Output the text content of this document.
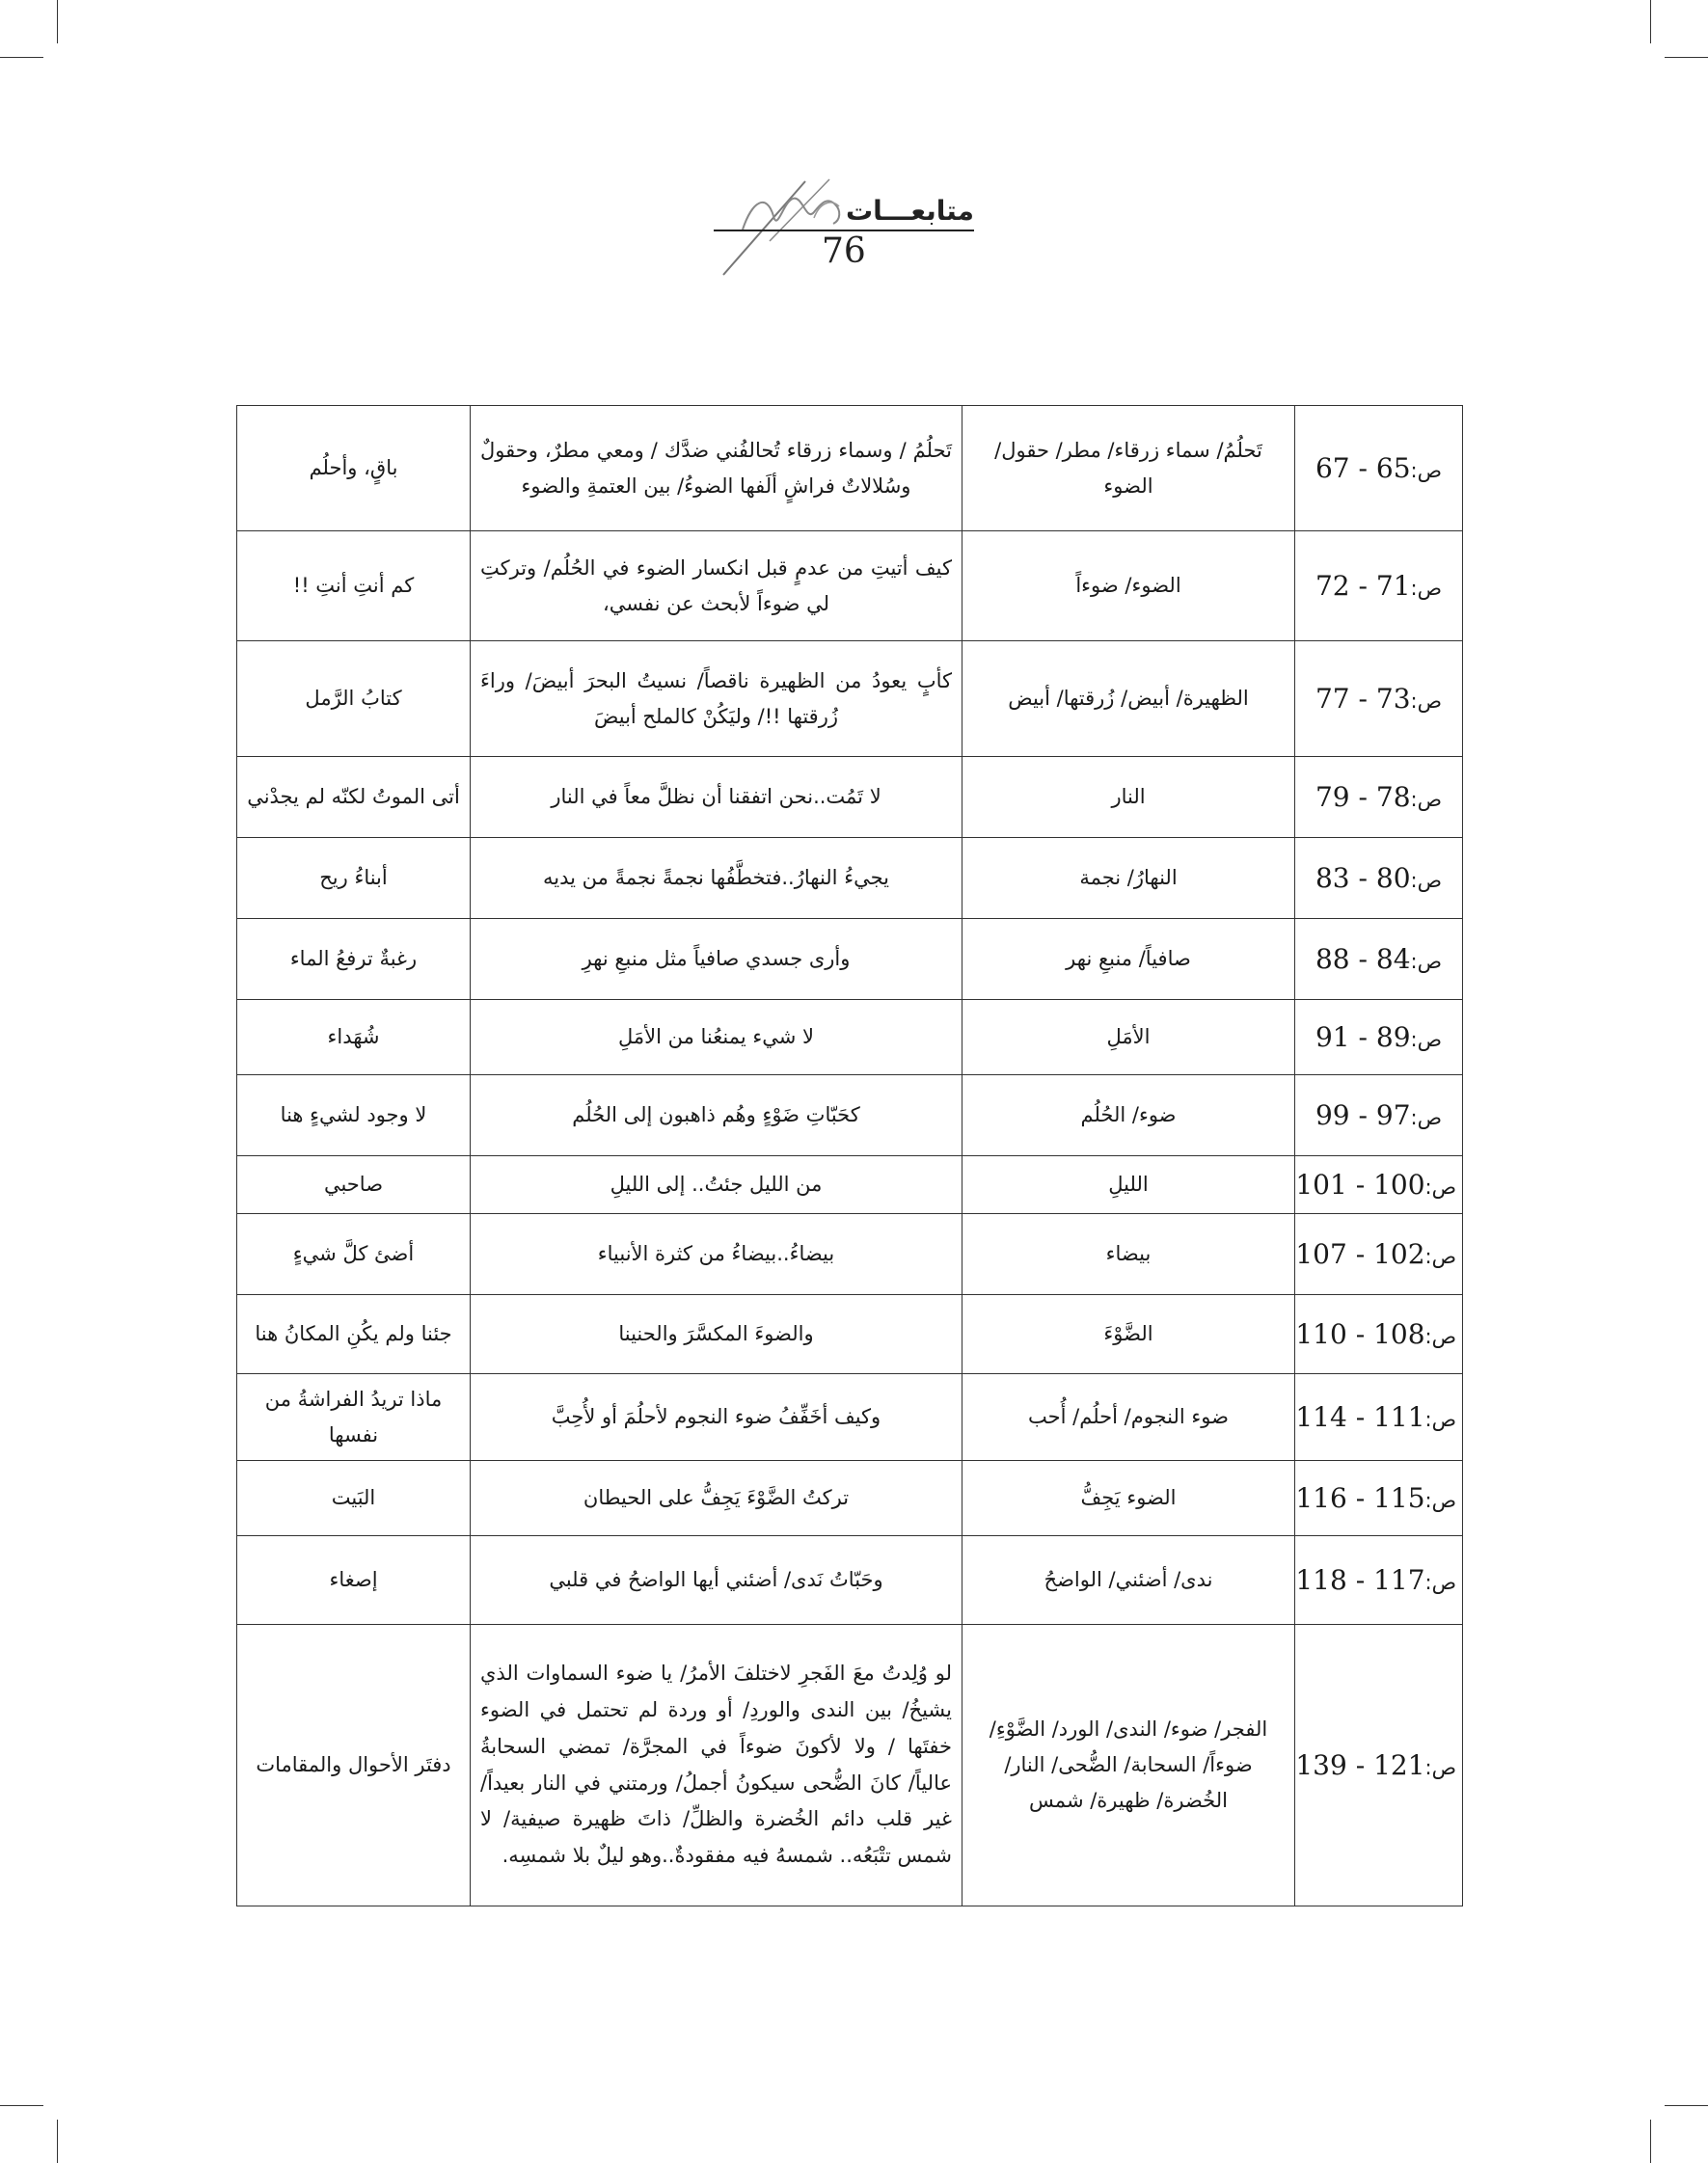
متابعـــات
76
ص:65 - 67	تَحلُمُ/ سماء زرقاء/ مطر/ حقول/ الضوء	تَحلُمُ / وسماء زرقاء تُحالفُني ضدَّك / ومعي مطرٌ، وحقولٌ وسُلالاتٌ فراشٍ ألَفها الضوءُ/ بين العتمةِ والضوء	باقٍ، وأحلُم
ص:71 - 72	الضوء/ ضوءاً	كيف أتيتِ من عدمٍ قبل انكسار الضوء في الحُلُم/ وتركتِ لي ضوءاً لأبحث عن نفسي،	كم أنتِ أنتِ !!
ص:73 - 77	الظهيرة/ أبيض/ زُرقتها/ أبيض	كأبٍ يعودُ من الظهيرة ناقصاً/ نسيتُ البحرَ أبيضَ/ وراءَ زُرقتها !!/ وليَكُنْ كالملح أبيضَ	كتابُ الرَّمل
ص:78 - 79	النار	لا تَمُت..نحن اتفقنا أن نظلَّ معاً في النار	أتى الموتُ لكنّه لم يجدْني
ص:80 - 83	النهارُ/ نجمة	يجيءُ النهارُ..فتخطَّفُها نجمةً نجمةً من يديه	أبناءُ ريح
ص:84 - 88	صافياً/ منبعِ نهر	وأرى جسدي صافياً مثل منبعِ نهرِ	رغبةٌ ترفعُ الماء
ص:89 - 91	الأمَلِ	لا شيء يمنعُنا من الأمَلِ	شُهَداء
ص:97 - 99	ضوء/ الحُلُم	كحَبّاتِ ضَوْءٍ وهُم ذاهبون إلى الحُلُم	لا وجود لشيءٍ هنا
ص:100 - 101	الليلِ	من الليل جئتُ.. إلى الليلِ	صاحبي
ص:102 - 107	بيضاء	بيضاءُ..بيضاءُ من كثرة الأنبياء	أضئ كلَّ شيءٍ
ص:108 - 110	الضَّوْءَ	والضوءَ المكسَّرَ والحنينا	جئنا ولم يكُنِ المكانُ هنا
ص:111 - 114	ضوء النجوم/ أحلُم/ أُحب	وكيف أخَفِّفُ ضوء النجوم لأحلُمَ أو لأُحِبَّ	ماذا تريدُ الفراشةُ من نفسها
ص:115 - 116	الضوء يَجِفُّ	تركتُ الضَّوْءَ يَجِفُّ على الحيطان	البَيت
ص:117 - 118	ندى/ أضئني/ الواضحُ	وحَبّاتُ نَدى/ أضئني أيها الواضحُ في قلبي	إصغاء
ص:121 - 139	الفجر/ ضوء/ الندى/ الورد/ الضَّوْءِ/ ضوءاً/ السحابة/ الضُّحى/ النار/ الخُضرة/ ظهيرة/ شمس	لو وُلِدتُ معَ الفَجرِ لاختلفَ الأمرُ/ يا ضوء السماوات الذي يشيخُ/ بين الندى والوردِ/ أو وردة لم تحتمل في الضوء خفتَها / ولا لأكونَ ضوءاً في المجرَّة/ تمضي السحابةُ عالياً/ كانَ الضُّحى سيكونُ أجملُ/ ورمتني في النار بعيداً/ غير قلب دائم الخُضرة والظلِّ/ ذاتَ ظهيرة صيفية/ لا شمس تتْبَعُه.. شمسهُ فيه مفقودةٌ..وهو ليلٌ بلا شمسِه.	دفتَر الأحوال والمقامات
